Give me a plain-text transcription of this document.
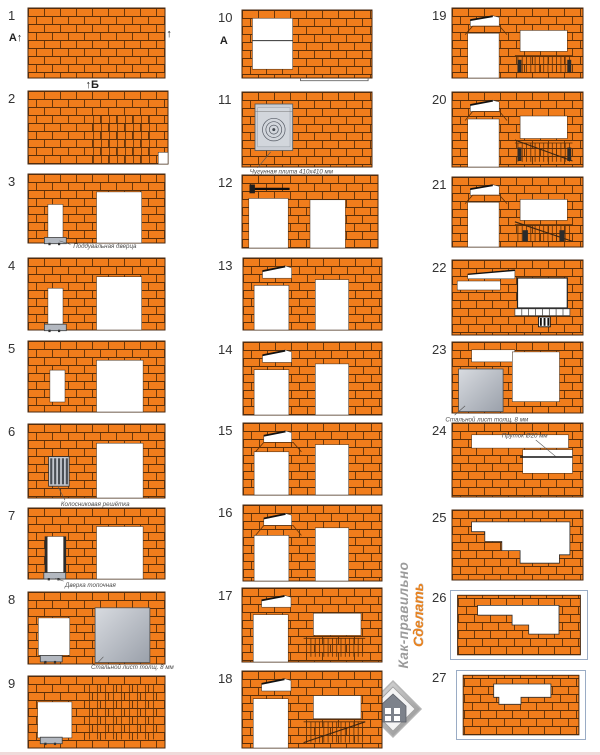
Как-правильно Сделать
1
А↑	↑
↑Б
2
3
Поддувальная дверца
4
5
6
Колосниковая решётка
7
Дверка топочная
8
Стальной лист толщ. 8 мм
9
10
А
11
Чугунная плита 410х410 мм
12
13
14
15
16
17
18
19
20
21
22
23
Стальной лист толщ. 8 мм
24	Пруток Ø20 мм
25
26
27
